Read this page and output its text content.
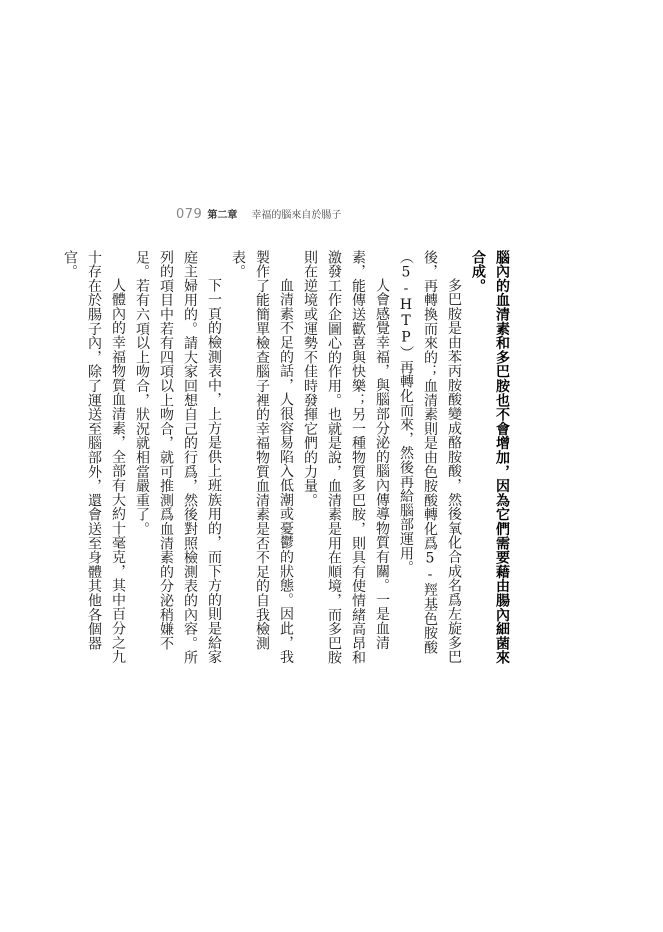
079 第二章 幸福的腦來自於腸子

腦內的血清素和多巴胺也不會增加，因為它們需要藉由腸內細菌來合成。

多巴胺是由苯丙胺酸變成酪胺酸，然後氧化合成名爲左旋多巴後，再轉換而來的；血清素則是由色胺酸轉化爲5-羥基色胺酸（5-HTP）再轉化而來，然後再給腦部運用。

人會感覺幸福，與腦部分泌的腦內傳導物質有關。一是血清素，能傳送歡喜與快樂；另一種物質多巴胺，則具有使情緒高昂和激發工作企圖心的作用。也就是說，血清素是用在順境，而多巴胺則在逆境或運勢不佳時發揮它們的力量。

血清素不足的話，人很容易陷入低潮或憂鬱的狀態。因此，我製作了能簡單檢查腦子裡的幸福物質血清素是否不足的自我檢測表。

下一頁的檢測表中，上方是供上班族用的，而下方的則是給家庭主婦用的。請大家回想自己的行爲，然後對照檢測表的內容。所列的項目中若有四項以上吻合，就可推測爲血清素的分泌稍嫌不足。若有六項以上吻合，狀況就相當嚴重了。

人體內的幸福物質血清素，全部有大約十毫克，其中百分之九十存在於腸子內，除了運送至腦部外，還會送至身體其他各個器官。
